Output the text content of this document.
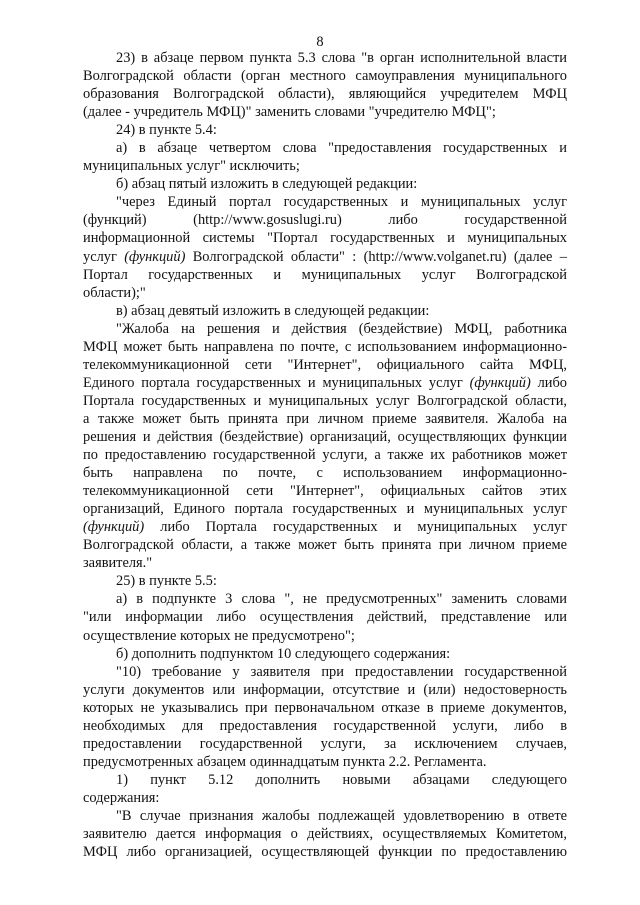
8
23) в абзаце первом пункта 5.3 слова "в орган исполнительной власти
Волгоградской области (орган местного самоуправления муниципального
образования Волгоградской области), являющийся учредителем МФЦ
(далее - учредитель МФЦ)" заменить словами "учредителю МФЦ";
24) в пункте 5.4:
а) в абзаце четвертом слова "предоставления государственных и
муниципальных услуг" исключить;
б) абзац пятый изложить в следующей редакции:
"через Единый портал государственных и муниципальных услуг
(функций) (http://www.gosuslugi.ru) либо государственной
информационной системы "Портал государственных и муниципальных
услуг (функций) Волгоградской области" : (http://www.volganet.ru) (далее –
Портал государственных и муниципальных услуг Волгоградской
области);"
в) абзац девятый изложить в следующей редакции:
"Жалоба на решения и действия (бездействие) МФЦ, работника
МФЦ может быть направлена по почте, с использованием информационно-
телекоммуникационной сети "Интернет", официального сайта МФЦ,
Единого портала государственных и муниципальных услуг (функций) либо
Портала государственных и муниципальных услуг Волгоградской области,
а также может быть принята при личном приеме заявителя. Жалоба на
решения и действия (бездействие) организаций, осуществляющих функции
по предоставлению государственной услуги, а также их работников может
быть направлена по почте, с использованием информационно-
телекоммуникационной сети "Интернет", официальных сайтов этих
организаций, Единого портала государственных и муниципальных услуг
(функций) либо Портала государственных и муниципальных услуг
Волгоградской области, а также может быть принята при личном приеме
заявителя."
25) в пункте 5.5:
а) в подпункте 3 слова ", не предусмотренных" заменить словами
"или информации либо осуществления действий, представление или
осуществление которых не предусмотрено";
б) дополнить подпунктом 10 следующего содержания:
"10) требование у заявителя при предоставлении государственной
услуги документов или информации, отсутствие и (или) недостоверность
которых не указывались при первоначальном отказе в приеме документов,
необходимых для предоставления государственной услуги, либо в
предоставлении государственной услуги, за исключением случаев,
предусмотренных абзацем одиннадцатым пункта 2.2. Регламента.
1) пункт 5.12 дополнить новыми абзацами следующего
содержания:
"В случае признания жалобы подлежащей удовлетворению в ответе
заявителю дается информация о действиях, осуществляемых Комитетом,
МФЦ либо организацией, осуществляющей функции по предоставлению
